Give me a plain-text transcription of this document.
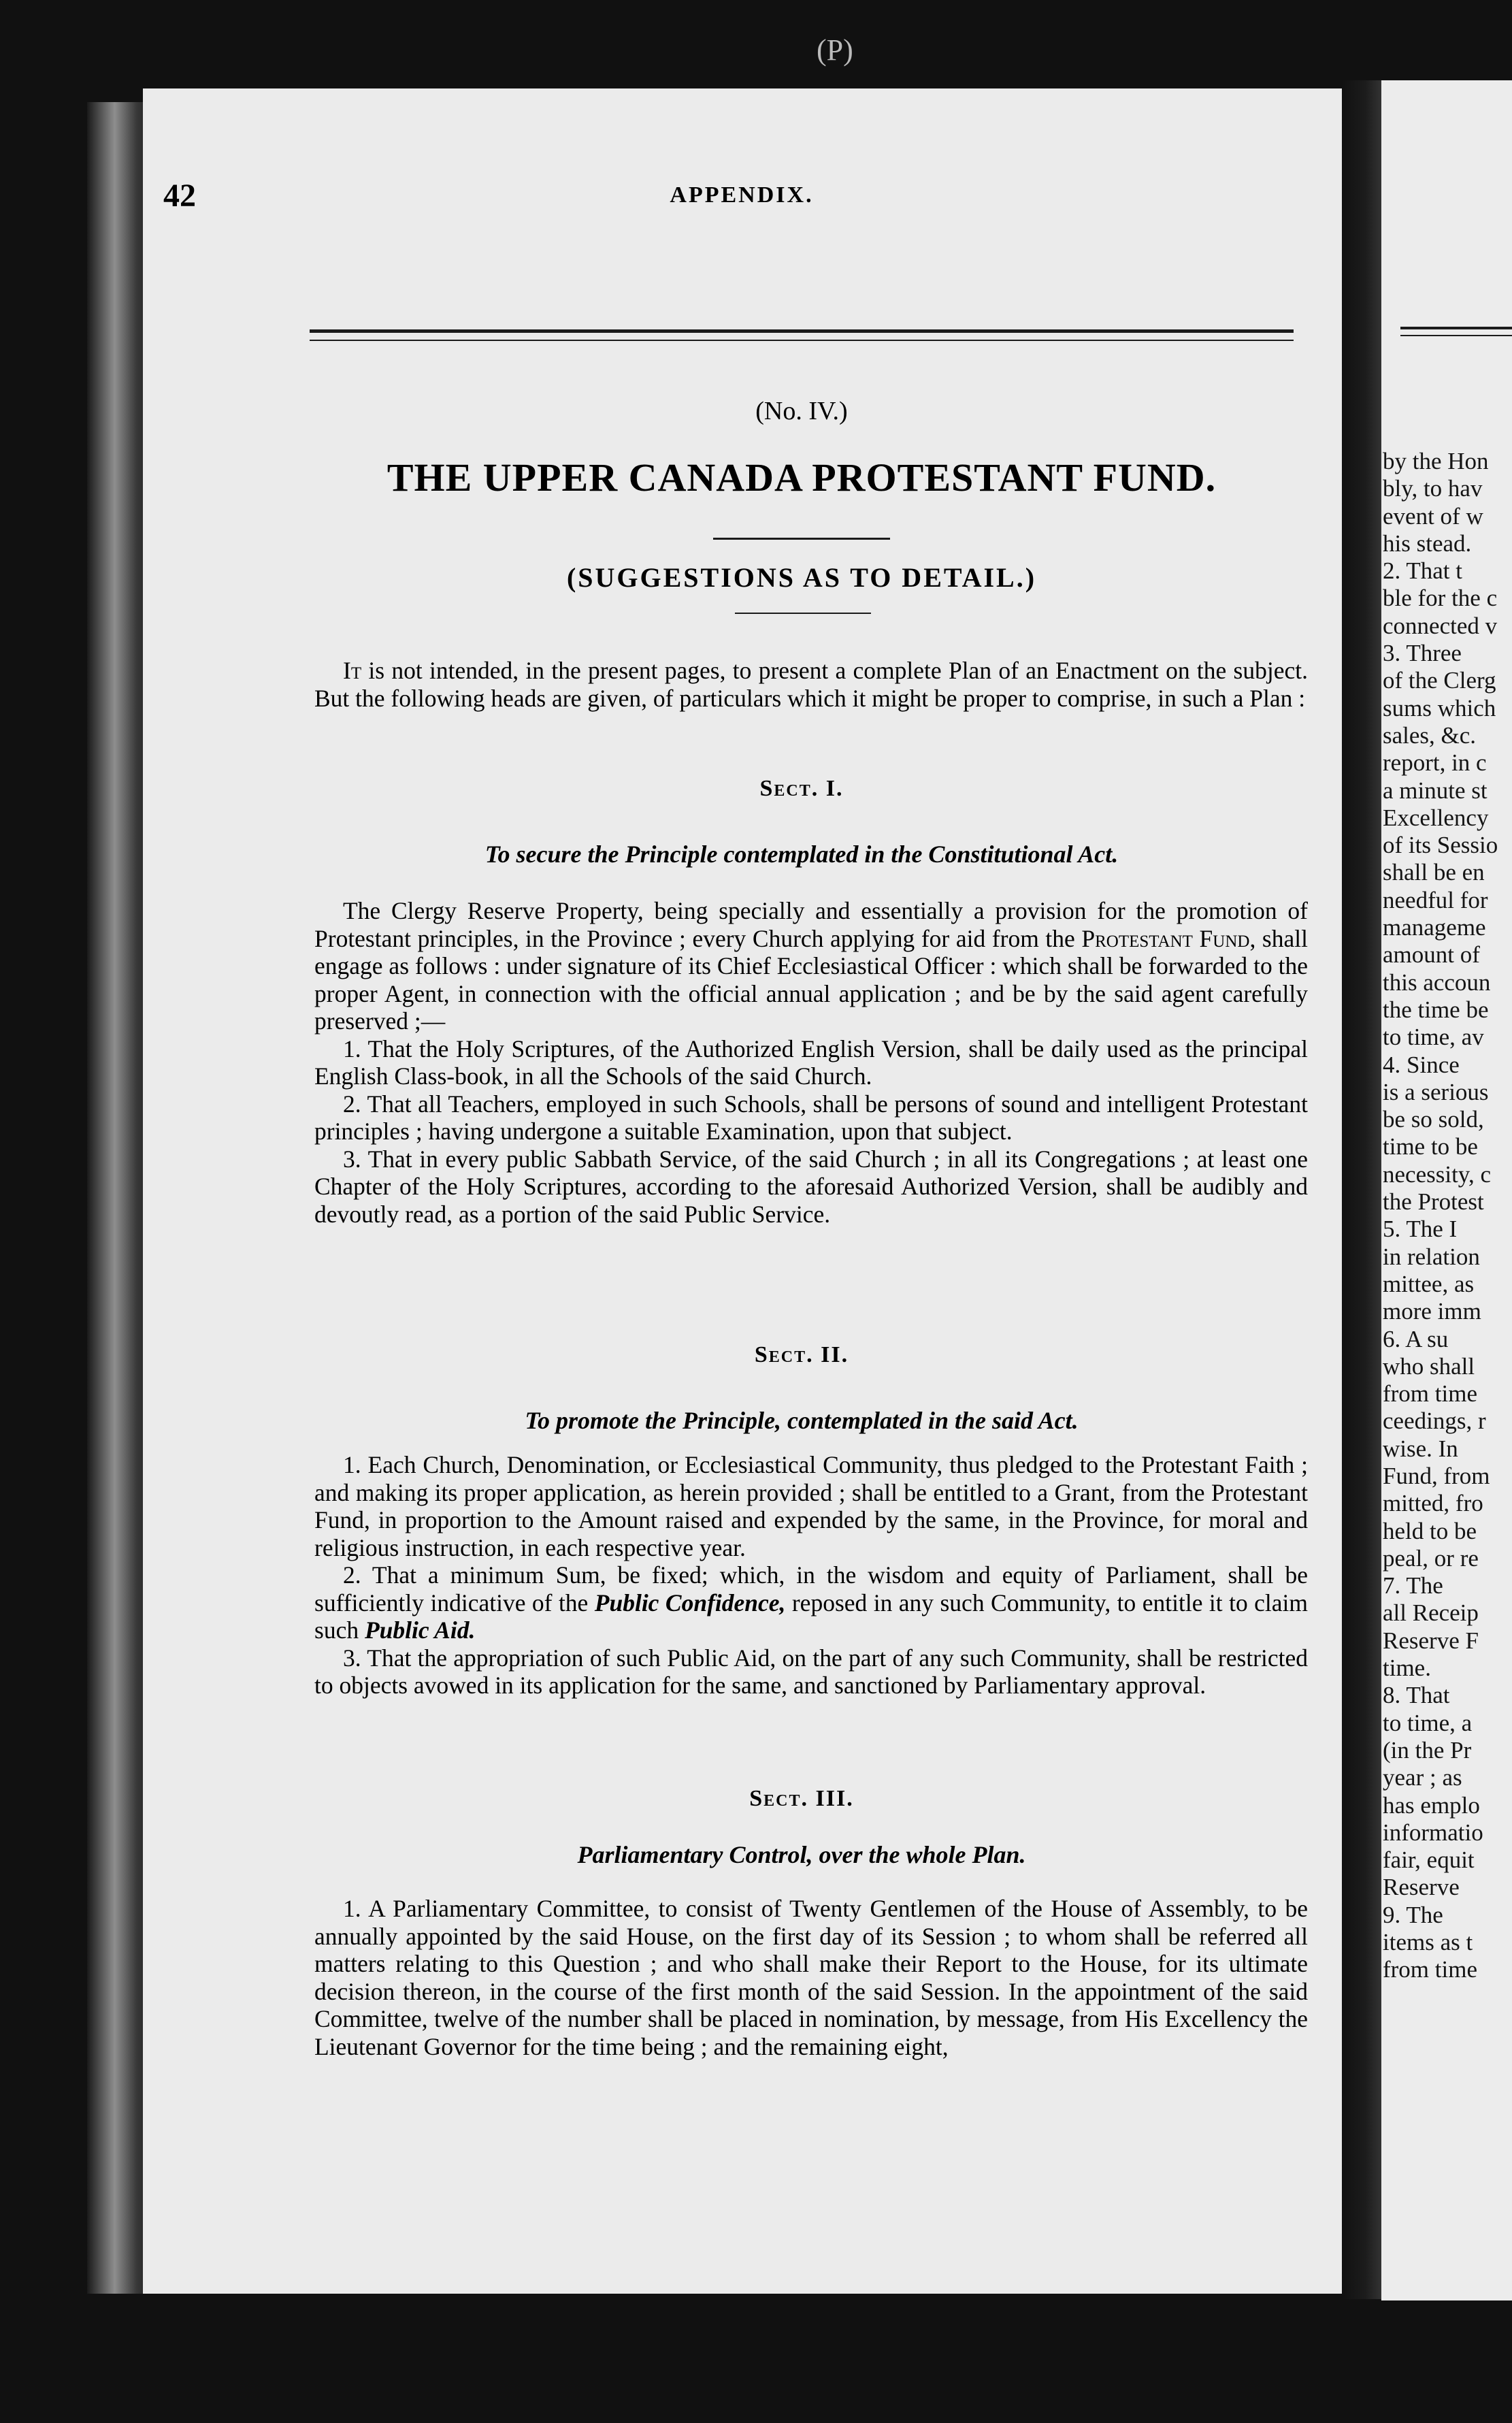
(P)
by the Hon
bly, to hav
event of w
his stead.
2. That t
ble for the c
connected v
3. Three
of the Clerg
sums which
sales, &c.
report, in c
a minute st
Excellency
of its Sessio
shall be en
needful for
manageme
amount of
this accoun
the time be
to time, av
4. Since
is a serious
be so sold,
time to be
necessity, c
the Protest
5. The I
in relation
mittee, as
more imm
6. A su
who shall
from time
ceedings, r
wise. In
Fund, from
mitted, fro
held to be
peal, or re
7. The
all Receip
Reserve F
time.
8. That
to time, a
(in the Pr
year ; as
has emplo
informatio
fair, equit
Reserve
9. The
items as t
from time
42	APPENDIX.
(No. IV.)
THE UPPER CANADA PROTESTANT FUND.
(SUGGESTIONS AS TO DETAIL.)

It is not intended, in the present pages, to present a complete Plan of an Enactment on the subject. But the following heads are given, of particulars which it might be proper to comprise, in such a Plan :

Sect. I.
To secure the Principle contemplated in the Constitutional Act.

The Clergy Reserve Property, being specially and essentially a provision for the promotion of Protestant principles, in the Province ; every Church applying for aid from the Protestant Fund, shall engage as follows : under signature of its Chief Ecclesiastical Officer : which shall be forwarded to the proper Agent, in connection with the official annual application ; and be by the said agent carefully preserved ;—

1. That the Holy Scriptures, of the Authorized English Version, shall be daily used as the principal English Class-book, in all the Schools of the said Church.

2. That all Teachers, employed in such Schools, shall be persons of sound and intelligent Protestant principles ; having undergone a suitable Examination, upon that subject.

3. That in every public Sabbath Service, of the said Church ; in all its Congregations ; at least one Chapter of the Holy Scriptures, according to the aforesaid Authorized Version, shall be audibly and devoutly read, as a portion of the said Public Service.

Sect. II.
To promote the Principle, contemplated in the said Act.

1. Each Church, Denomination, or Ecclesiastical Community, thus pledged to the Protestant Faith ; and making its proper application, as herein provided ; shall be entitled to a Grant, from the Protestant Fund, in proportion to the Amount raised and expended by the same, in the Province, for moral and religious instruction, in each respective year.

2. That a minimum Sum, be fixed; which, in the wisdom and equity of Parliament, shall be sufficiently indicative of the Public Confidence, reposed in any such Community, to entitle it to claim such Public Aid.

3. That the appropriation of such Public Aid, on the part of any such Community, shall be restricted to objects avowed in its application for the same, and sanctioned by Parliamentary approval.

Sect. III.
Parliamentary Control, over the whole Plan.

1. A Parliamentary Committee, to consist of Twenty Gentlemen of the House of Assembly, to be annually appointed by the said House, on the first day of its Session ; to whom shall be referred all matters relating to this Question ; and who shall make their Report to the House, for its ultimate decision thereon, in the course of the first month of the said Session. In the appointment of the said Committee, twelve of the number shall be placed in nomination, by message, from His Excellency the Lieutenant Governor for the time being ; and the remaining eight,
